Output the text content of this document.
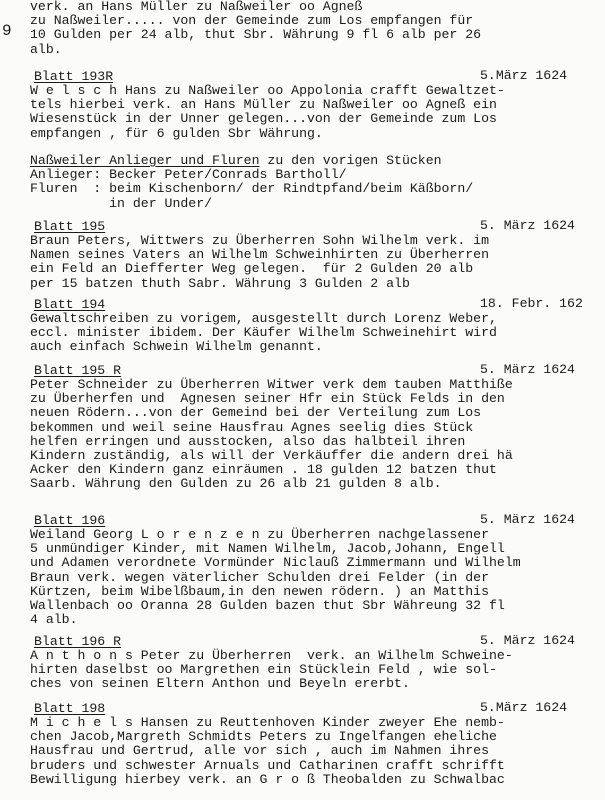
9
verk. an Hans Müller zu Naßweiler oo Agneß
zu Naßweiler..... von der Gemeinde zum Los empfangen für
10 Gulden per 24 alb, thut Sbr. Währung 9 fl 6 alb per 26
alb.
Blatt 193R	5.März 1624
W e l s c h Hans zu Naßweiler oo Appolonia crafft Gewaltzet-
tels hierbei verk. an Hans Müller zu Naßweiler oo Agneß ein
Wiesenstück in der Unner gelegen...von der Gemeinde zum Los
empfangen , für 6 gulden Sbr Währung.
Naßweiler Anlieger und Fluren zu den vorigen Stücken
Anlieger: Becker Peter/Conrads Bartholl/
Fluren  : beim Kischenborn/ der Rindtpfand/beim Käßborn/
in der Under/
Blatt 195	5. März 1624
Braun Peters, Wittwers zu Überherren Sohn Wilhelm verk. im
Namen seines Vaters an Wilhelm Schweinhirten zu Überherren
ein Feld an Diefferter Weg gelegen.  für 2 Gulden 20 alb
per 15 batzen thuth Sabr. Währung 3 Gulden 2 alb
Blatt 194	18. Febr. 162
Gewaltschreiben zu vorigem, ausgestellt durch Lorenz Weber,
eccl. minister ibidem. Der Käufer Wilhelm Schweinehirt wird
auch einfach Schwein Wilhelm genannt.
Blatt 195 R	5. März 1624
Peter Schneider zu Überherren Witwer verk dem tauben Matthiße
zu Überherfen und  Agnesen seiner Hfr ein Stück Felds in den
neuen Rödern...von der Gemeind bei der Verteilung zum Los
bekommen und weil seine Hausfrau Agnes seelig dies Stück
helfen erringen und ausstocken, also das halbteil ihren
Kindern zuständig, als will der Verkäuffer die andern drei hä
Acker den Kindern ganz einräumen . 18 gulden 12 batzen thut
Saarb. Währung den Gulden zu 26 alb 21 gulden 8 alb.
Blatt 196	5. März 1624
Weiland Georg L o r e n z e n zu Überherren nachgelassener
5 unmündiger Kinder, mit Namen Wilhelm, Jacob,Johann, Engell
und Adamen verordnete Vormünder Niclauß Zimmermann und Wilhelm
Braun verk. wegen väterlicher Schulden drei Felder (in der
Kürtzen, beim Wibelßbaum,in den newen rödern. ) an Matthis
Wallenbach oo Oranna 28 Gulden bazen thut Sbr Währeung 32 fl
4 alb.
Blatt 196 R	5. März 1624
A n t h o n s Peter zu Überherren  verk. an Wilhelm Schweine-
hirten daselbst oo Margrethen ein Stücklein Feld , wie sol-
ches von seinen Eltern Anthon und Beyeln ererbt.
Blatt 198	5.März 1624
M i c h e l s Hansen zu Reuttenhoven Kinder zweyer Ehe nemb-
chen Jacob,Margreth Schmidts Peters zu Ingelfangen eheliche
Hausfrau und Gertrud, alle vor sich , auch im Nahmen ihres
bruders und schwester Arnuals und Catharinen crafft schrifft
Bewilligung hierbey verk. an G r o ß Theobalden zu Schwalbac
